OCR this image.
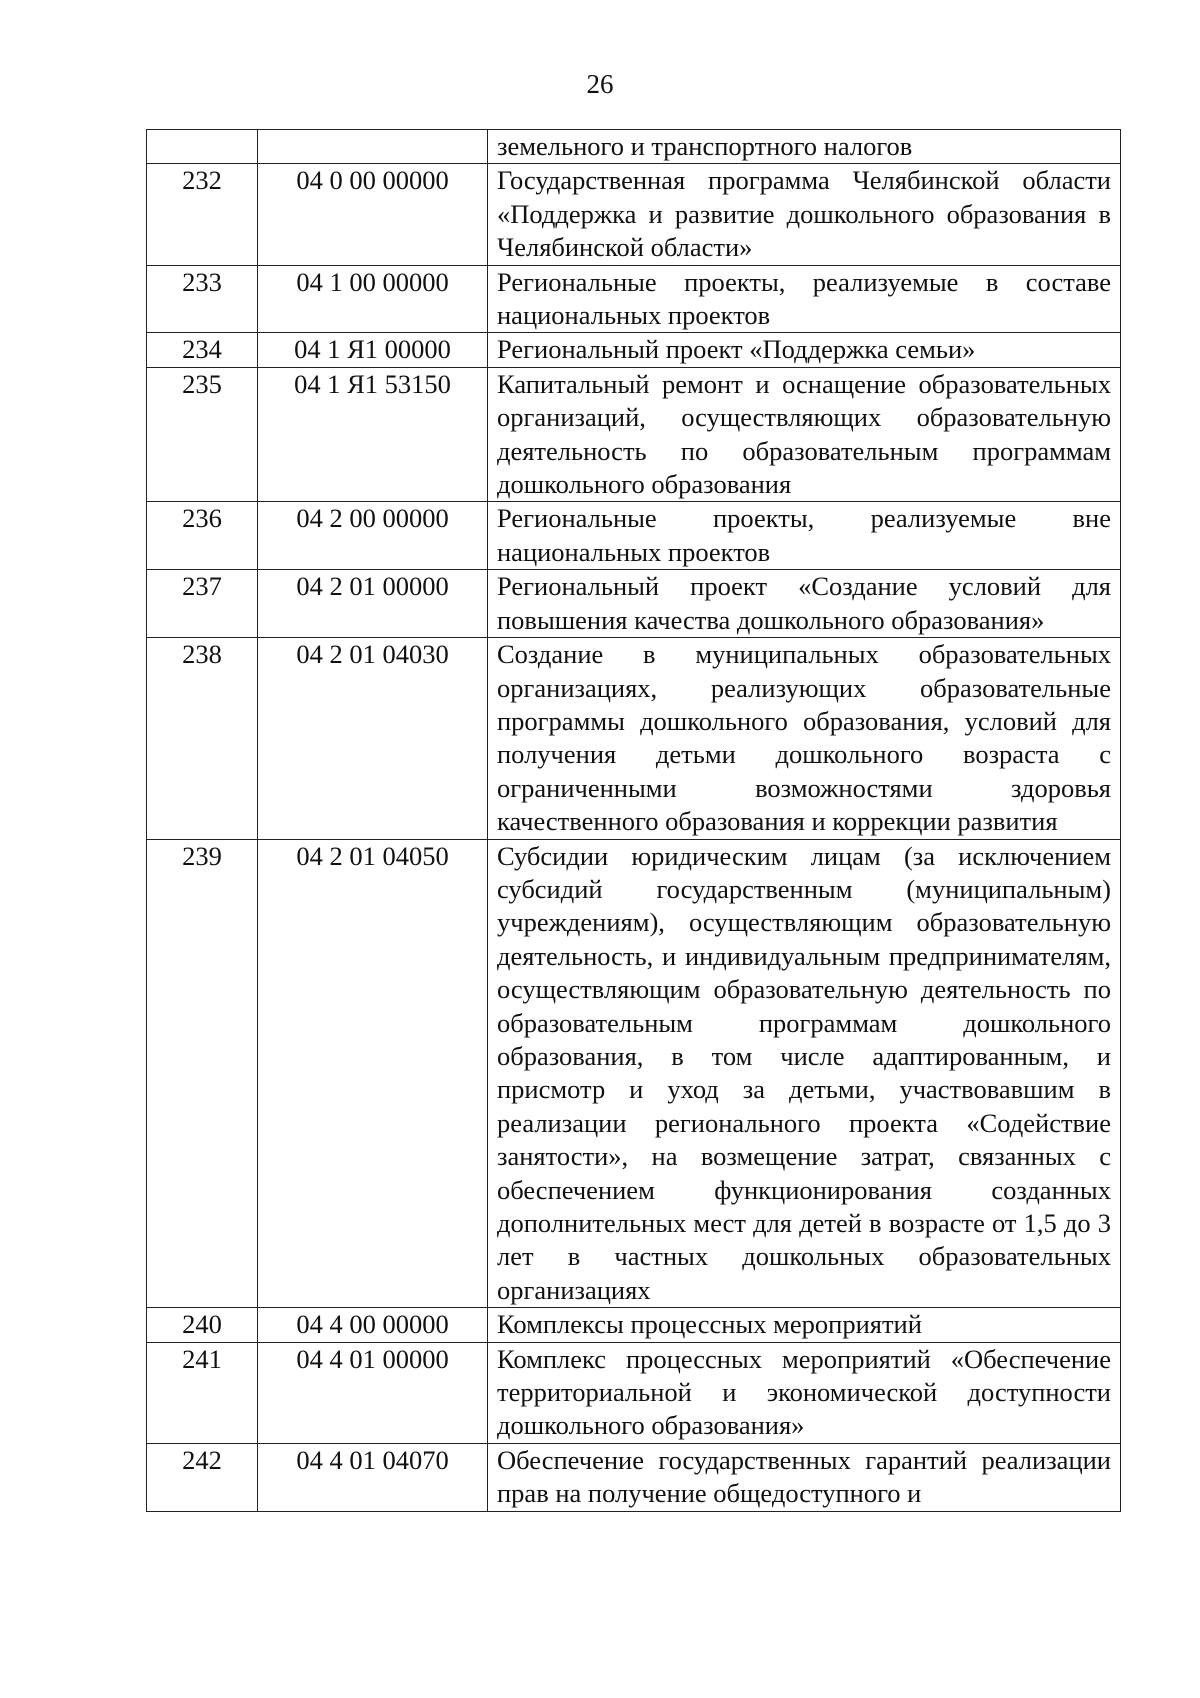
26
		земельного и транспортного налогов
232	04 0 00 00000	Государственная программа Челябинской области «Поддержка и развитие дошкольного образования в Челябинской области»
233	04 1 00 00000	Региональные проекты, реализуемые в составе национальных проектов
234	04 1 Я1 00000	Региональный проект «Поддержка семьи»
235	04 1 Я1 53150	Капитальный ремонт и оснащение образовательных организаций, осуществляющих образовательную деятельность по образовательным программам дошкольного образования
236	04 2 00 00000	Региональные проекты, реализуемые вне национальных проектов
237	04 2 01 00000	Региональный проект «Создание условий для повышения качества дошкольного образования»
238	04 2 01 04030	Создание в муниципальных образовательных организациях, реализующих образовательные программы дошкольного образования, условий для получения детьми дошкольного возраста с ограниченными возможностями здоровья качественного образования и коррекции развития
239	04 2 01 04050	Субсидии юридическим лицам (за исключением субсидий государственным (муниципальным) учреждениям), осуществляющим образовательную деятельность, и индивидуальным предпринимателям, осуществляющим образовательную деятельность по образовательным программам дошкольного образования, в том числе адаптированным, и присмотр и уход за детьми, участвовавшим в реализации регионального проекта «Содействие занятости», на возмещение затрат, связанных с обеспечением функционирования созданных дополнительных мест для детей в возрасте от 1,5 до 3 лет в частных дошкольных образовательных организациях
240	04 4 00 00000	Комплексы процессных мероприятий
241	04 4 01 00000	Комплекс процессных мероприятий «Обеспечение территориальной и экономической доступности дошкольного образования»
242	04 4 01 04070	Обеспечение государственных гарантий реализации прав на получение общедоступного и
